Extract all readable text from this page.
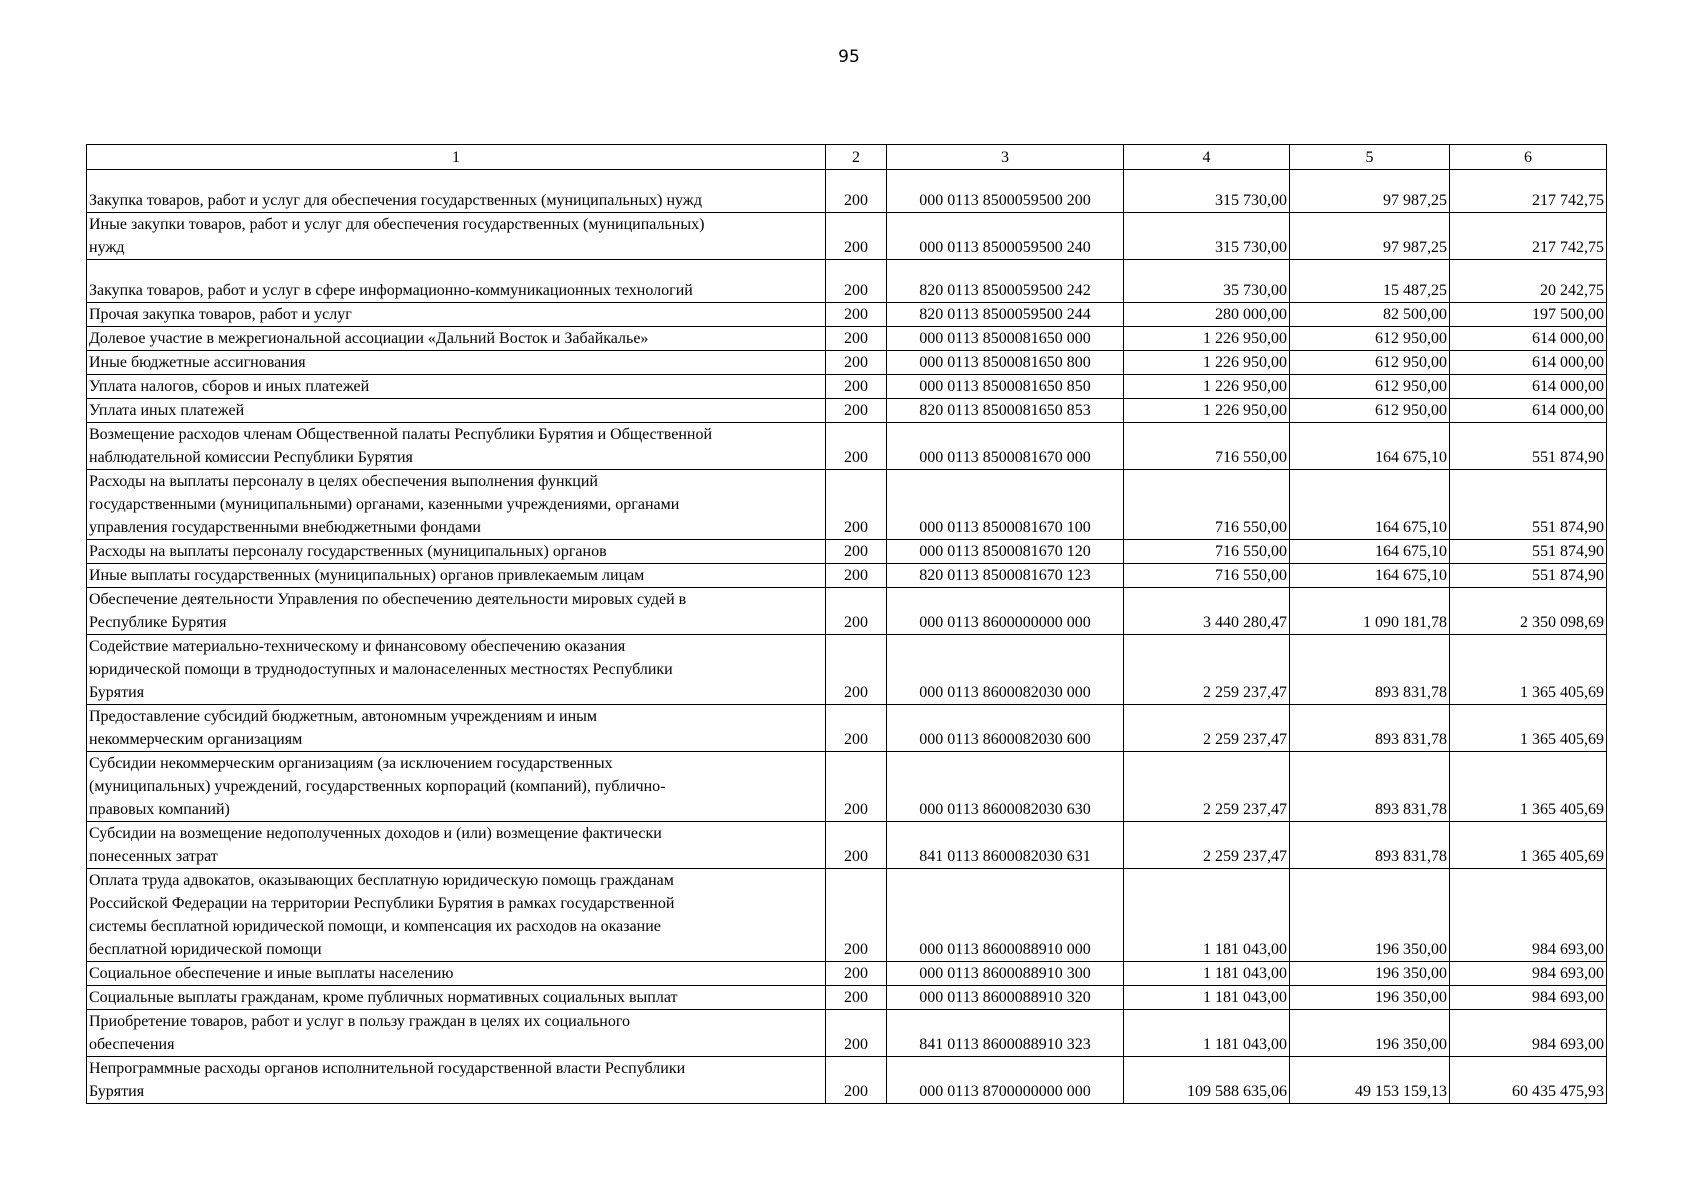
95
1	2	3	4	5	6
Закупка товаров, работ и услуг для обеспечения государственных (муниципальных) нужд	200	000 0113 8500059500 200	315 730,00	97 987,25	217 742,75
Иные закупки товаров, работ и услуг для обеспечения государственных (муниципальных)
нужд	200	000 0113 8500059500 240	315 730,00	97 987,25	217 742,75
Закупка товаров, работ и услуг в сфере информационно-коммуникационных технологий	200	820 0113 8500059500 242	35 730,00	15 487,25	20 242,75
Прочая закупка товаров, работ и услуг	200	820 0113 8500059500 244	280 000,00	82 500,00	197 500,00
Долевое участие в межрегиональной ассоциации «Дальний Восток и Забайкалье»	200	000 0113 8500081650 000	1 226 950,00	612 950,00	614 000,00
Иные бюджетные ассигнования	200	000 0113 8500081650 800	1 226 950,00	612 950,00	614 000,00
Уплата налогов, сборов и иных платежей	200	000 0113 8500081650 850	1 226 950,00	612 950,00	614 000,00
Уплата иных платежей	200	820 0113 8500081650 853	1 226 950,00	612 950,00	614 000,00
Возмещение расходов членам Общественной палаты Республики Бурятия и Общественной
наблюдательной комиссии Республики Бурятия	200	000 0113 8500081670 000	716 550,00	164 675,10	551 874,90
Расходы на выплаты персоналу в целях обеспечения выполнения функций
государственными (муниципальными) органами, казенными учреждениями, органами
управления государственными внебюджетными фондами	200	000 0113 8500081670 100	716 550,00	164 675,10	551 874,90
Расходы на выплаты персоналу государственных (муниципальных) органов	200	000 0113 8500081670 120	716 550,00	164 675,10	551 874,90
Иные выплаты государственных (муниципальных) органов привлекаемым лицам	200	820 0113 8500081670 123	716 550,00	164 675,10	551 874,90
Обеспечение деятельности Управления по обеспечению деятельности мировых судей в
Республике Бурятия	200	000 0113 8600000000 000	3 440 280,47	1 090 181,78	2 350 098,69
Содействие материально-техническому и финансовому обеспечению оказания
юридической помощи в труднодоступных и малонаселенных местностях Республики
Бурятия	200	000 0113 8600082030 000	2 259 237,47	893 831,78	1 365 405,69
Предоставление субсидий бюджетным, автономным учреждениям и иным
некоммерческим организациям	200	000 0113 8600082030 600	2 259 237,47	893 831,78	1 365 405,69
Субсидии некоммерческим организациям (за исключением государственных
(муниципальных) учреждений, государственных корпораций (компаний), публично-
правовых компаний)	200	000 0113 8600082030 630	2 259 237,47	893 831,78	1 365 405,69
Субсидии на возмещение недополученных доходов и (или) возмещение фактически
понесенных затрат	200	841 0113 8600082030 631	2 259 237,47	893 831,78	1 365 405,69
Оплата труда адвокатов, оказывающих бесплатную юридическую помощь гражданам
Российской Федерации на территории Республики Бурятия в рамках государственной
системы бесплатной юридической помощи, и компенсация их расходов на оказание
бесплатной юридической помощи	200	000 0113 8600088910 000	1 181 043,00	196 350,00	984 693,00
Социальное обеспечение и иные выплаты населению	200	000 0113 8600088910 300	1 181 043,00	196 350,00	984 693,00
Социальные выплаты гражданам, кроме публичных нормативных социальных выплат	200	000 0113 8600088910 320	1 181 043,00	196 350,00	984 693,00
Приобретение товаров, работ и услуг в пользу граждан в целях их социального
обеспечения	200	841 0113 8600088910 323	1 181 043,00	196 350,00	984 693,00
Непрограммные расходы органов исполнительной государственной власти Республики
Бурятия	200	000 0113 8700000000 000	109 588 635,06	49 153 159,13	60 435 475,93
